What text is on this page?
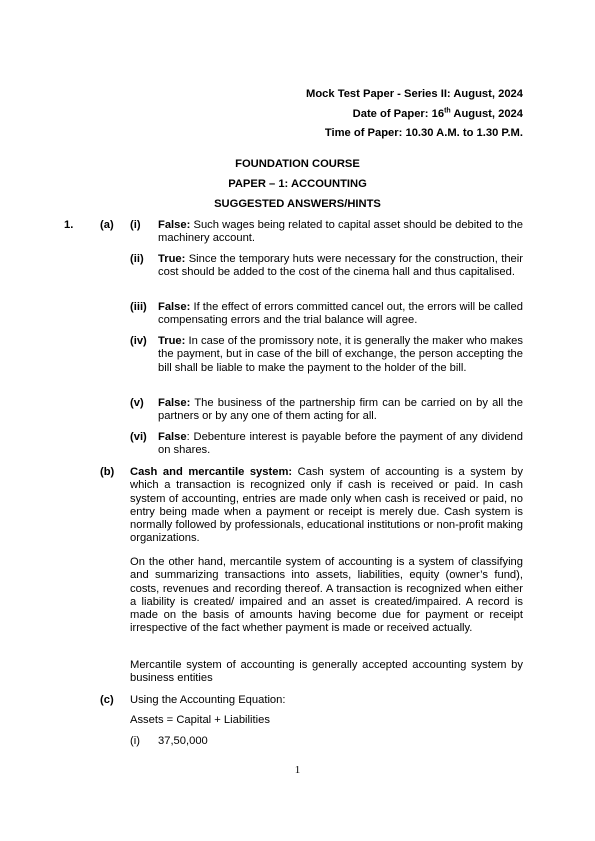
Mock Test Paper - Series II: August, 2024
Date of Paper: 16th August, 2024
Time of Paper: 10.30 A.M. to 1.30 P.M.
FOUNDATION COURSE
PAPER – 1: ACCOUNTING
SUGGESTED ANSWERS/HINTS
1. (a) (i) False: Such wages being related to capital asset should be debited to the machinery account.
(ii) True: Since the temporary huts were necessary for the construction, their cost should be added to the cost of the cinema hall and thus capitalised.
(iii) False: If the effect of errors committed cancel out, the errors will be called compensating errors and the trial balance will agree.
(iv) True: In case of the promissory note, it is generally the maker who makes the payment, but in case of the bill of exchange, the person accepting the bill shall be liable to make the payment to the holder of the bill.
(v) False: The business of the partnership firm can be carried on by all the partners or by any one of them acting for all.
(vi) False: Debenture interest is payable before the payment of any dividend on shares.
(b) Cash and mercantile system: Cash system of accounting is a system by which a transaction is recognized only if cash is received or paid. In cash system of accounting, entries are made only when cash is received or paid, no entry being made when a payment or receipt is merely due. Cash system is normally followed by professionals, educational institutions or non-profit making organizations.
On the other hand, mercantile system of accounting is a system of classifying and summarizing transactions into assets, liabilities, equity (owner’s fund), costs, revenues and recording thereof. A transaction is recognized when either a liability is created/ impaired and an asset is created/impaired. A record is made on the basis of amounts having become due for payment or receipt irrespective of the fact whether payment is made or received actually.
Mercantile system of accounting is generally accepted accounting system by business entities
(c) Using the Accounting Equation:
Assets = Capital + Liabilities
(i) 37,50,000
1
